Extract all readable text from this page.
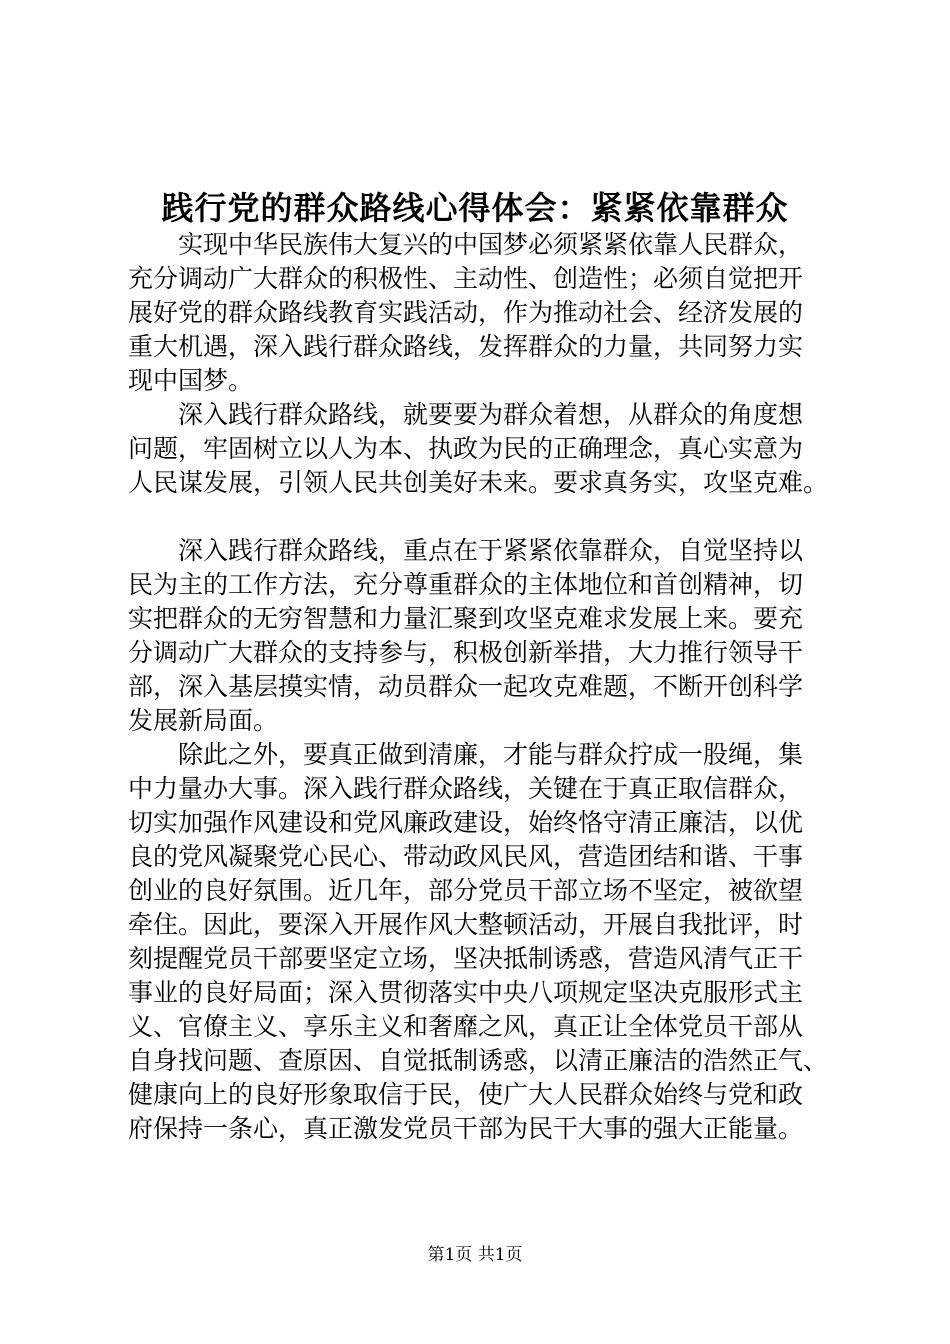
践行党的群众路线心得体会：紧紧依靠群众
实现中华民族伟大复兴的中国梦必须紧紧依靠人民群众，
充分调动广大群众的积极性、主动性、创造性；必须自觉把开
展好党的群众路线教育实践活动，作为推动社会、经济发展的
重大机遇，深入践行群众路线，发挥群众的力量，共同努力实
现中国梦。
深入践行群众路线，就要要为群众着想，从群众的角度想
问题，牢固树立以人为本、执政为民的正确理念，真心实意为
人民谋发展，引领人民共创美好未来。要求真务实，攻坚克难。
深入践行群众路线，重点在于紧紧依靠群众，自觉坚持以
民为主的工作方法，充分尊重群众的主体地位和首创精神，切
实把群众的无穷智慧和力量汇聚到攻坚克难求发展上来。要充
分调动广大群众的支持参与，积极创新举措，大力推行领导干
部，深入基层摸实情，动员群众一起攻克难题，不断开创科学
发展新局面。
除此之外，要真正做到清廉，才能与群众拧成一股绳，集
中力量办大事。深入践行群众路线，关键在于真正取信群众，
切实加强作风建设和党风廉政建设，始终恪守清正廉洁，以优
良的党风凝聚党心民心、带动政风民风，营造团结和谐、干事
创业的良好氛围。近几年，部分党员干部立场不坚定，被欲望
牵住。因此，要深入开展作风大整顿活动，开展自我批评，时
刻提醒党员干部要坚定立场，坚决抵制诱惑，营造风清气正干
事业的良好局面；深入贯彻落实中央八项规定坚决克服形式主
义、官僚主义、享乐主义和奢靡之风，真正让全体党员干部从
自身找问题、查原因、自觉抵制诱惑，以清正廉洁的浩然正气、
健康向上的良好形象取信于民，使广大人民群众始终与党和政
府保持一条心，真正激发党员干部为民干大事的强大正能量。
第1页 共1页
